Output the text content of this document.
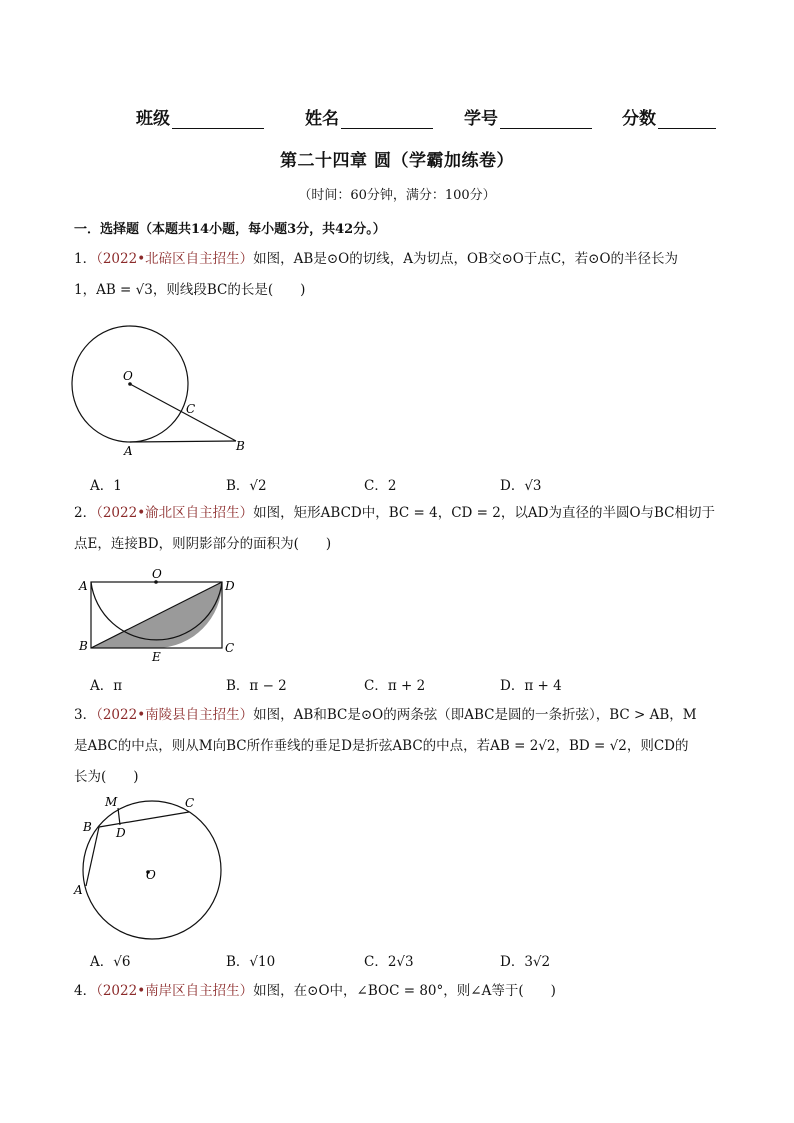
班级	姓名	学号	分数
第二十四章 圆（学霸加练卷）
（时间：60分钟，满分：100分）
一．选择题（本题共14小题，每小题3分，共42分。）
1．（2022•北碚区自主招生）如图，AB是⊙O的切线，A为切点，OB交⊙O于点C，若⊙O的半径长为
1，AB = √3，则线段BC的长是(　　)
O
C
A	B
A．1	B．√2	C．2	D．√3
2．（2022•渝北区自主招生）如图，矩形ABCD中，BC = 4，CD = 2，以AD为直径的半圆O与BC相切于
点E，连接BD，则阴影部分的面积为(　　)
A
O
D
B
E
C
A．π	B．π − 2	C．π + 2	D．π + 4
3．（2022•南陵县自主招生）如图，AB和BC是⊙O的两条弦（即ABC是圆的一条折弦），BC > AB，M
是ABC的中点，则从M向BC所作垂线的垂足D是折弦ABC的中点，若AB = 2√2，BD = √2，则CD的
长为(　　)
M	C
B D
O
A
A．√6	B．√10	C．2√3	D．3√2
4．（2022•南岸区自主招生）如图，在⊙O中，∠BOC = 80°，则∠A等于(　　)
